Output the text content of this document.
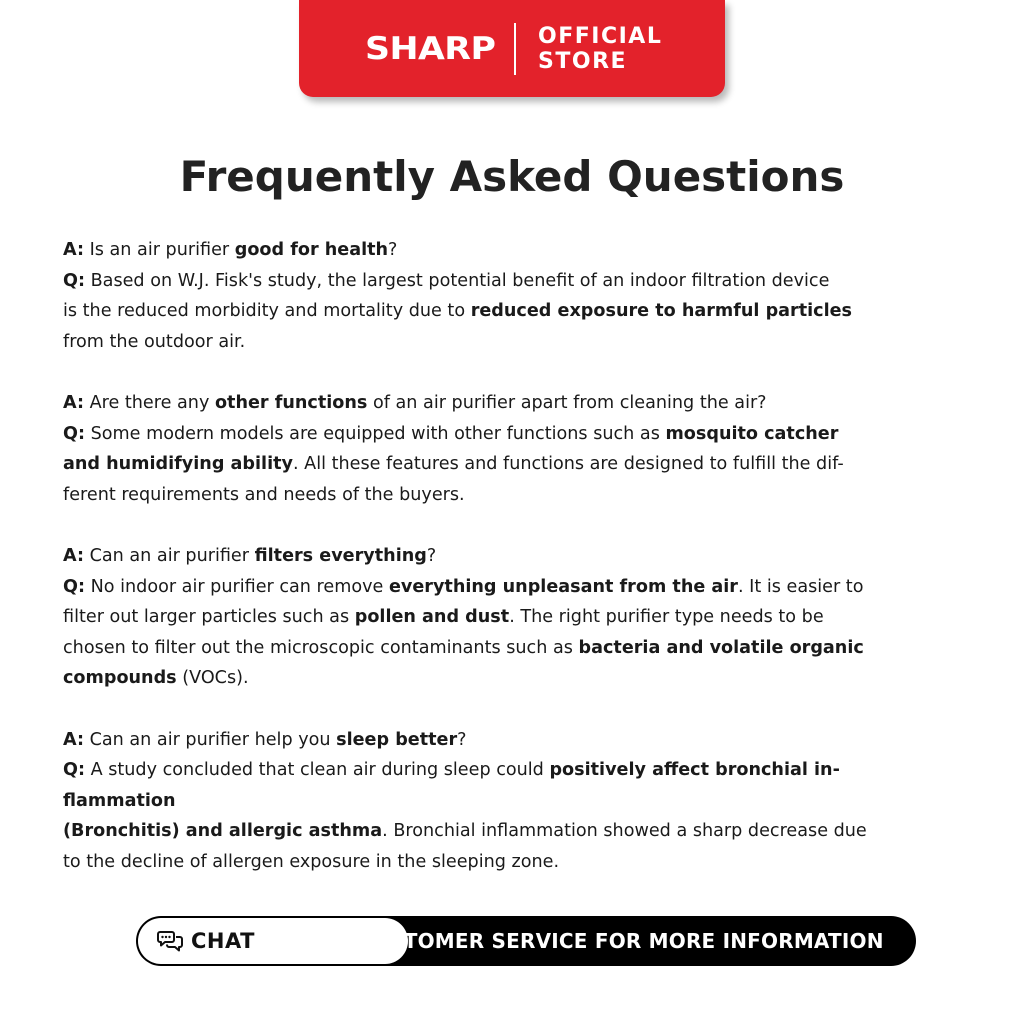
SHARP OFFICIAL
STORE
Frequently Asked Questions
A: Is an air purifier good for health?
Q: Based on W.J. Fisk's study, the largest potential benefit of an indoor filtration device
is the reduced morbidity and mortality due to reduced exposure to harmful particles
from the outdoor air.
A: Are there any other functions of an air purifier apart from cleaning the air?
Q: Some modern models are equipped with other functions such as mosquito catcher
and humidifying ability. All these features and functions are designed to fulfill the dif-
ferent requirements and needs of the buyers.
A: Can an air purifier filters everything?
Q: No indoor air purifier can remove everything unpleasant from the air. It is easier to
filter out larger particles such as pollen and dust. The right purifier type needs to be
chosen to filter out the microscopic contaminants such as bacteria and volatile organic
compounds (VOCs).
A: Can an air purifier help you sleep better?
Q: A study concluded that clean air during sleep could positively affect bronchial in-
flammation
(Bronchitis) and allergic asthma. Bronchial inflammation showed a sharp decrease due
to the decline of allergen exposure in the sleeping zone.
CHAT WITH CUSTOMER SERVICE FOR MORE INFORMATION
